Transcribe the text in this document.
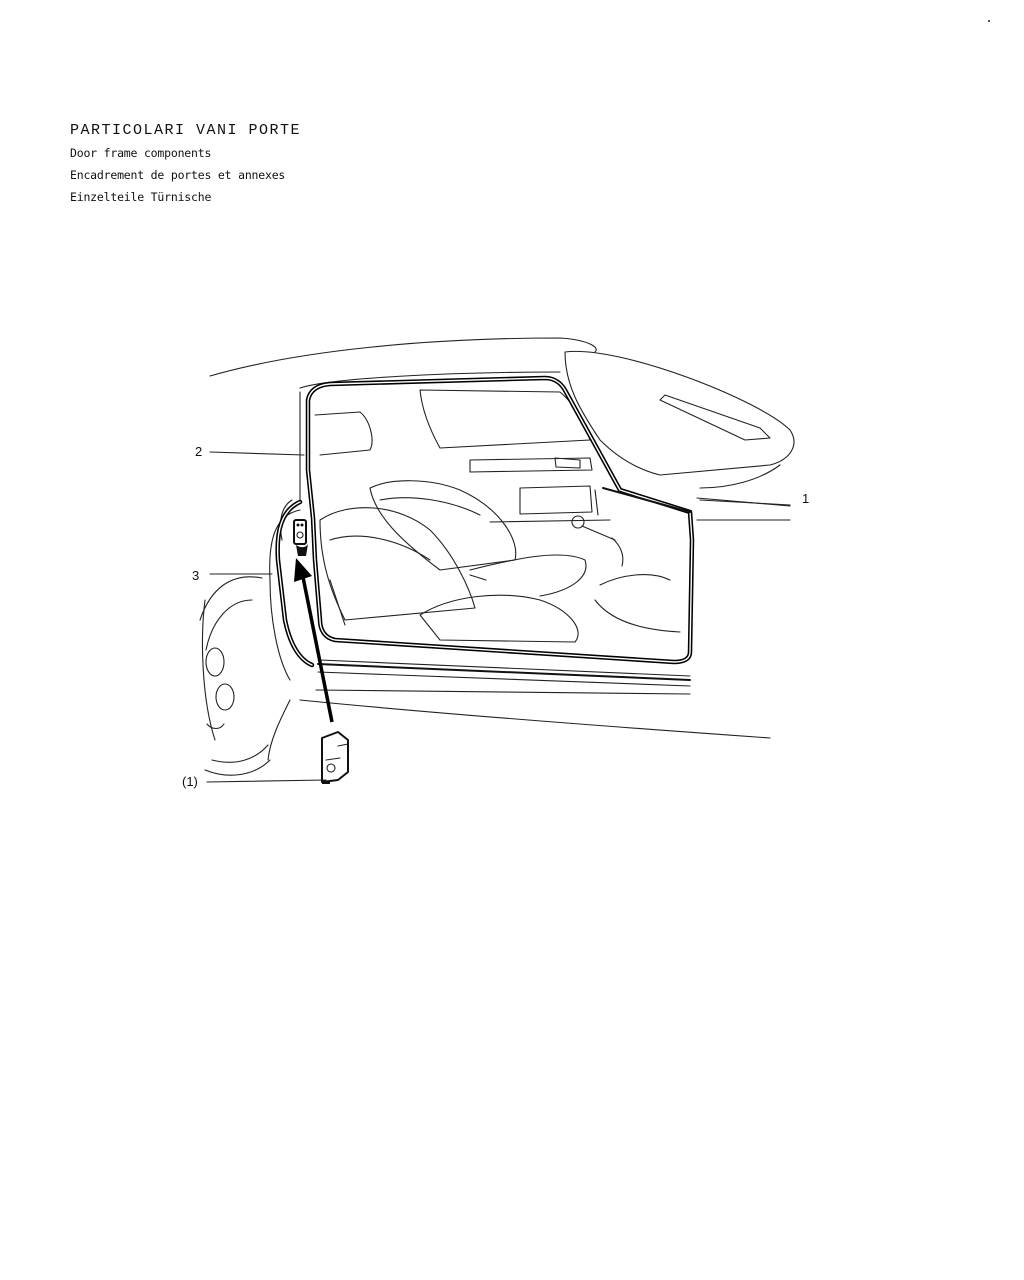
PARTICOLARI VANI PORTE
Door frame components
Encadrement de portes et annexes
Einzelteile Türnische
2
3
(1)
1
